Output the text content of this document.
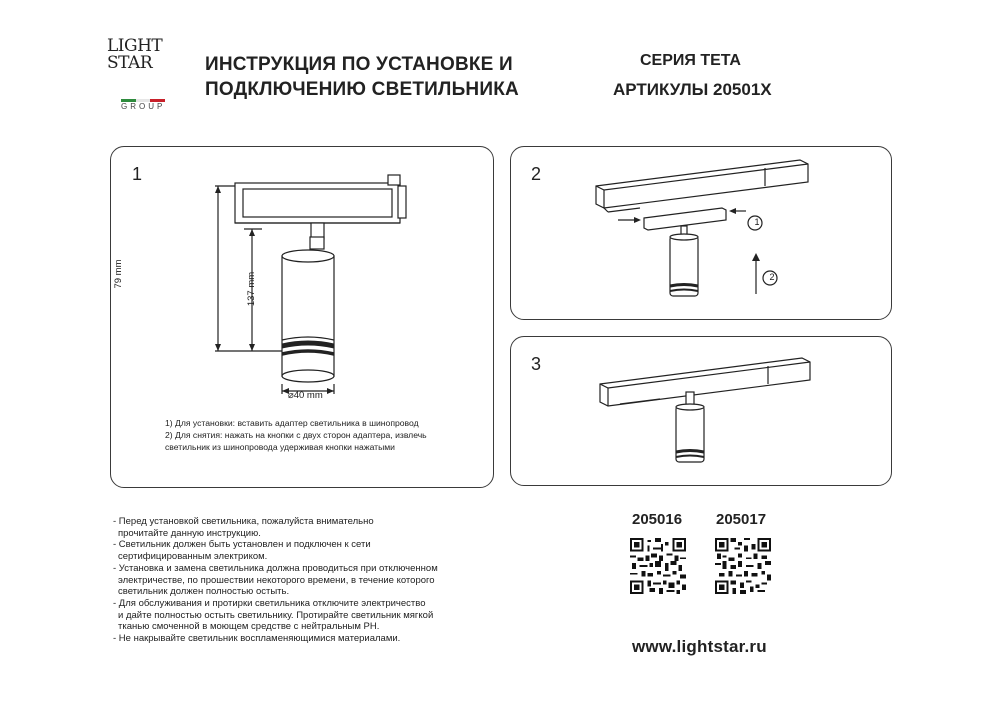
LIGHT
STAR
GROUP
ИНСТРУКЦИЯ ПО УСТАНОВКЕ И
ПОДКЛЮЧЕНИЮ СВЕТИЛЬНИКА
СЕРИЯ TETA
АРТИКУЛЫ 20501X
1
79 mm	137 mm
⌀40 mm
1) Для установки: вставить адаптер светильника в шинопровод
2) Для снятия: нажать на кнопки с двух сторон адаптера, извлечь
светильник из шинопровода удерживая кнопки нажатыми
2
1
2
3
- Перед установкой светильника, пожалуйста внимательно
прочитайте данную инструкцию.
- Светильник должен быть установлен и подключен к сети
сертифицированным электриком.
- Установка и замена светильника должна проводиться при отключенном
электричестве, по прошествии некоторого времени, в течение которого
светильник должен полностью остыть.
- Для обслуживания и протирки светильника отключите электричество
и дайте полностью остыть светильнику. Протирайте светильник мягкой
тканью смоченной в моющем средстве с нейтральным PH.
- Не накрывайте светильник воспламеняющимися материалами.
205016 205017
www.lightstar.ru
